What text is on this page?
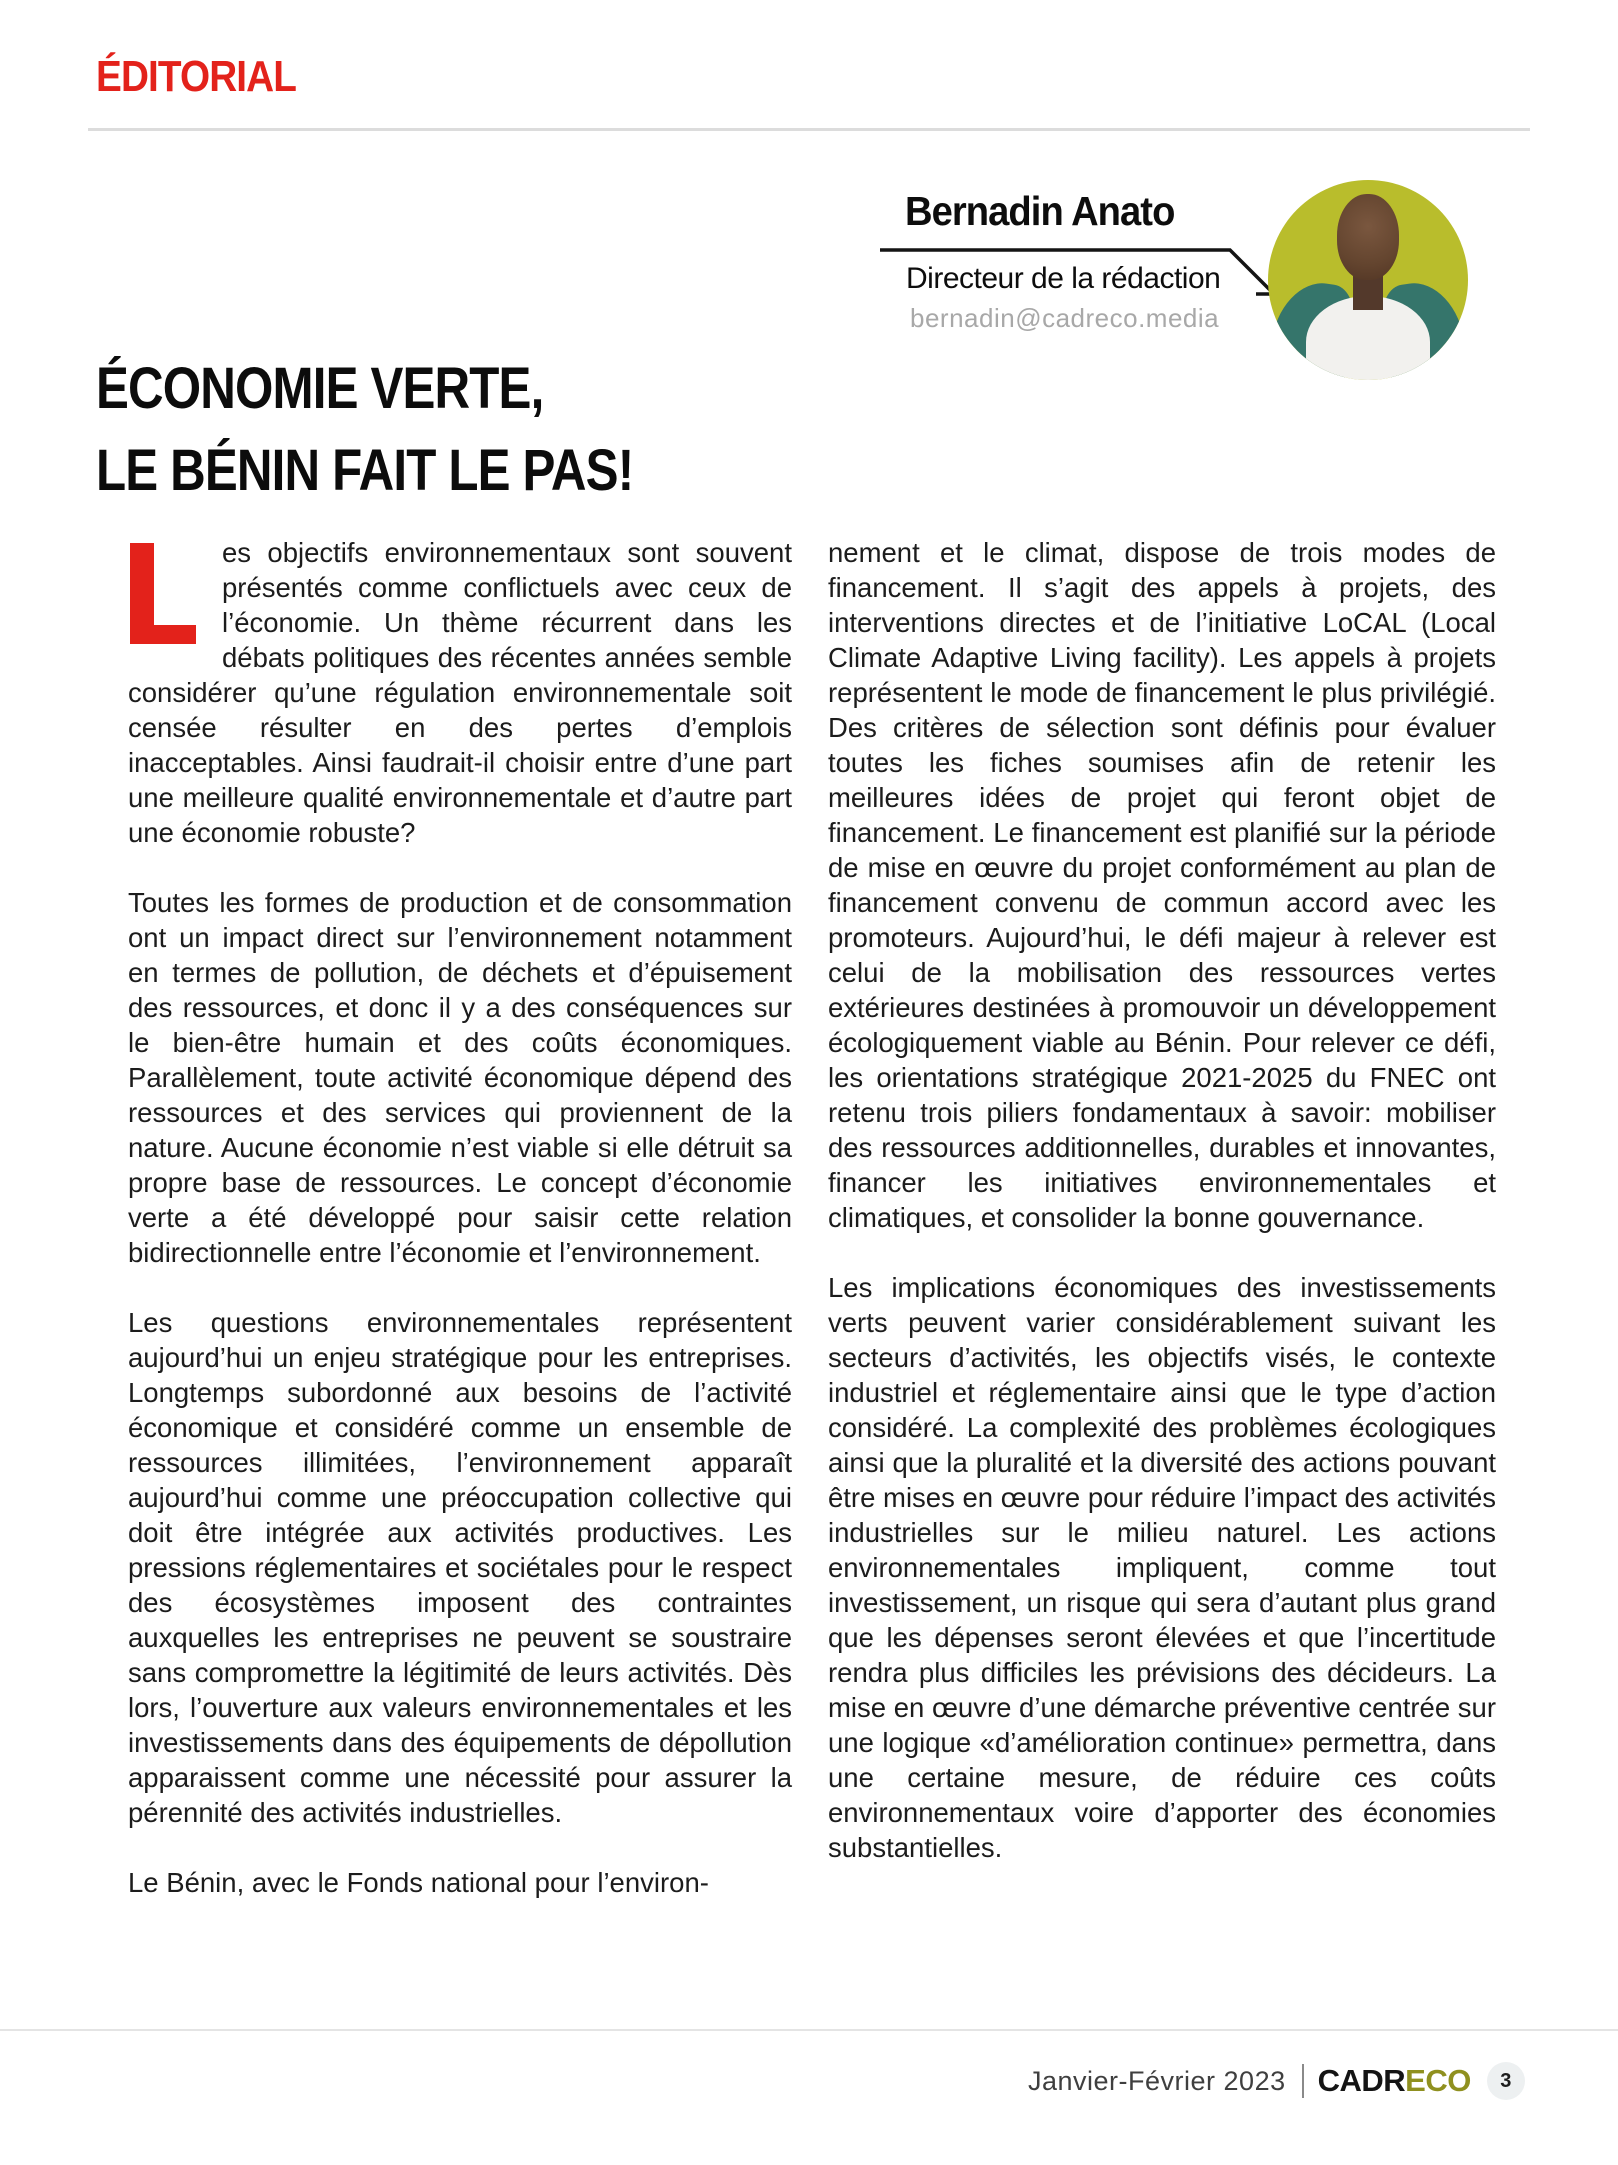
ÉDITORIAL
Bernadin Anato
Directeur de la rédaction
bernadin@cadreco.media
ÉCONOMIE VERTE,
LE BÉNIN FAIT LE PAS!

es objectifs environnementaux sont souvent présentés comme conflictuels avec ceux de l’économie. Un thème récurrent dans les débats politiques des récentes années semble considérer qu’une régulation environnementale soit censée résulter en des pertes d’emplois inacceptables. Ainsi faudrait-il choisir entre d’une part une meilleure qualité environnementale et d’autre part une économie robuste?

Toutes les formes de production et de consommation ont un impact direct sur l’environnement notamment en termes de pollution, de déchets et d’épuisement des ressources, et donc il y a des conséquences sur le bien-être humain et des coûts économiques. Parallèlement, toute activité économique dépend des ressources et des services qui proviennent de la nature. Aucune économie n’est viable si elle détruit sa propre base de ressources. Le concept d’économie verte a été développé pour saisir cette relation bidirectionnelle entre l’économie et l’environnement.

Les questions environnementales représentent aujourd’hui un enjeu stratégique pour les entreprises. Longtemps subordonné aux besoins de l’activité économique et considéré comme un ensemble de ressources illimitées, l’environnement apparaît aujourd’hui comme une préoccupation collective qui doit être intégrée aux activités productives. Les pressions réglementaires et sociétales pour le respect des écosystèmes imposent des contraintes auxquelles les entreprises ne peuvent se soustraire sans compromettre la légitimité de leurs activités. Dès lors, l’ouverture aux valeurs environnementales et les investissements dans des équipements de dépollution apparaissent comme une nécessité pour assurer la pérennité des activités industrielles.

Le Bénin, avec le Fonds national pour l’environ-

nement et le climat, dispose de trois modes de financement. Il s’agit des appels à projets, des interventions directes et de l’initiative LoCAL (Local Climate Adaptive Living facility). Les appels à projets représentent le mode de financement le plus privilégié. Des critères de sélection sont définis pour évaluer toutes les fiches soumises afin de retenir les meilleures idées de projet qui feront objet de financement. Le financement est planifié sur la période de mise en œuvre du projet conformément au plan de financement convenu de commun accord avec les promoteurs. Aujourd’hui, le défi majeur à relever est celui de la mobilisation des ressources vertes extérieures destinées à promouvoir un développement écologiquement viable au Bénin. Pour relever ce défi, les orientations stratégique 2021-2025 du FNEC ont retenu trois piliers fondamentaux à savoir: mobiliser des ressources additionnelles, durables et innovantes, financer les initiatives environnementales et climatiques, et consolider la bonne gouvernance.

Les implications économiques des investissements verts peuvent varier considérablement suivant les secteurs d’activités, les objectifs visés, le contexte industriel et réglementaire ainsi que le type d’action considéré. La complexité des problèmes écologiques ainsi que la pluralité et la diversité des actions pouvant être mises en œuvre pour réduire l’impact des activités industrielles sur le milieu naturel. Les actions environnementales impliquent, comme tout investissement, un risque qui sera d’autant plus grand que les dépenses seront élevées et que l’incertitude rendra plus difficiles les prévisions des décideurs. La mise en œuvre d’une démarche préventive centrée sur une logique «d’amélioration continue» permettra, dans une certaine mesure, de réduire ces coûts environnementaux voire d’apporter des économies substantielles.

Janvier-Février 2023 CADRECO	3
